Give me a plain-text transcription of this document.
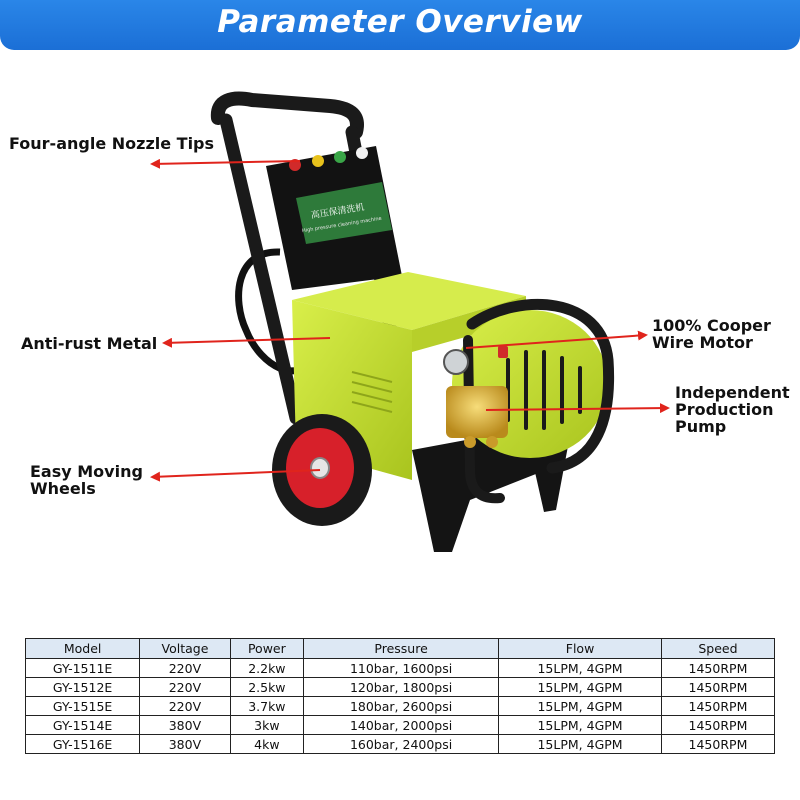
Parameter Overview
高压保清洗机
High pressure cleaning machine
Four-angle Nozzle Tips
Anti-rust Metal
Easy Moving
Wheels
100% Cooper
Wire Motor
Independent
Production
Pump
Model	Voltage	Power	Pressure	Flow	Speed
GY-1511E	220V	2.2kw	110bar, 1600psi	15LPM, 4GPM	1450RPM
GY-1512E	220V	2.5kw	120bar, 1800psi	15LPM, 4GPM	1450RPM
GY-1515E	220V	3.7kw	180bar, 2600psi	15LPM, 4GPM	1450RPM
GY-1514E	380V	3kw	140bar, 2000psi	15LPM, 4GPM	1450RPM
GY-1516E	380V	4kw	160bar, 2400psi	15LPM, 4GPM	1450RPM
